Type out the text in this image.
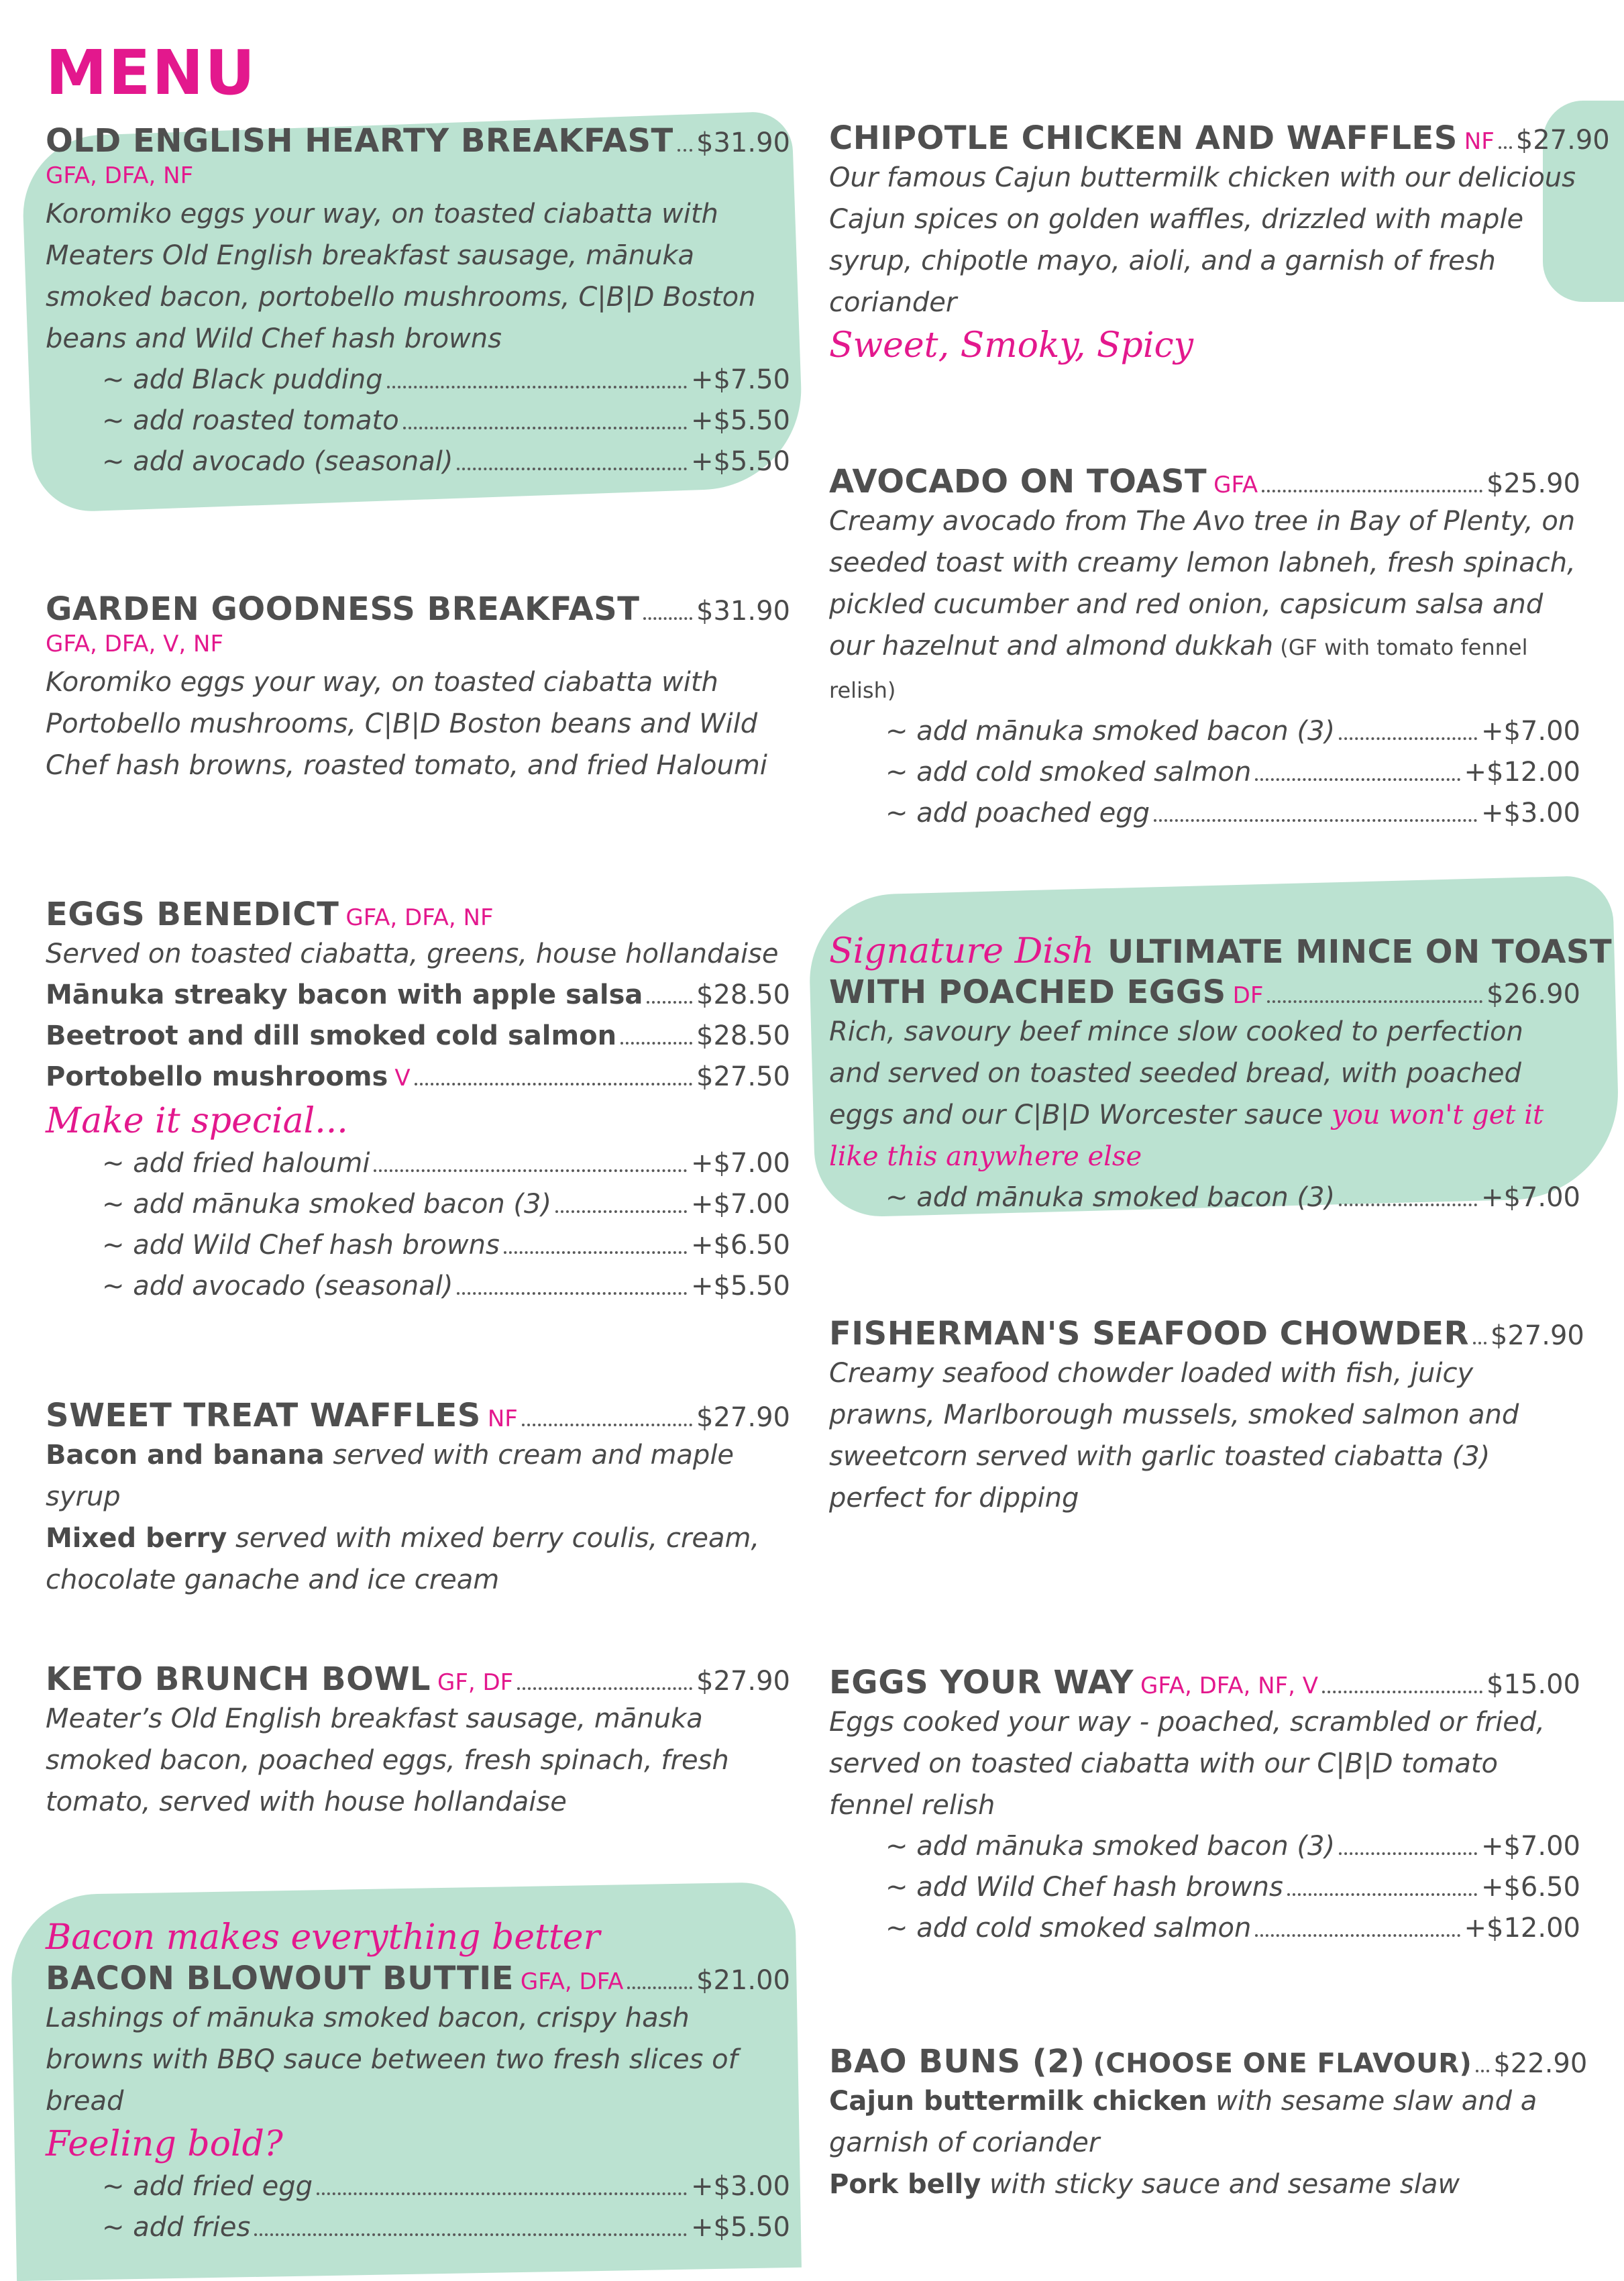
MENU
OLD ENGLISH HEARTY BREAKFAST $31.90
GFA, DFA, NF
Koromiko eggs your way, on toasted ciabatta with Meaters Old English breakfast sausage, mānuka smoked bacon, portobello mushrooms, C|B|D Boston beans and Wild Chef hash browns
~ add Black pudding	+$7.50
~ add roasted tomato	+$5.50
~ add avocado (seasonal)	+$5.50
GARDEN GOODNESS BREAKFAST $31.90
GFA, DFA, V, NF
Koromiko eggs your way, on toasted ciabatta with Portobello mushrooms, C|B|D Boston beans and Wild Chef hash browns, roasted tomato, and fried Haloumi
EGGS BENEDICT GFA, DFA, NF
Served on toasted ciabatta, greens, house hollandaise
Mānuka streaky bacon with apple salsa $28.50
Beetroot and dill smoked cold salmon	$28.50
Portobello mushrooms V	$27.50
Make it special...
~ add fried haloumi	+$7.00
~ add mānuka smoked bacon (3)	+$7.00
~ add Wild Chef hash browns	+$6.50
~ add avocado (seasonal)	+$5.50
SWEET TREAT WAFFLES NF	$27.90
Bacon and banana served with cream and maple syrup
Mixed berry served with mixed berry coulis, cream, chocolate ganache and ice cream
KETO BRUNCH BOWL GF, DF	$27.90
Meater’s Old English breakfast sausage, mānuka smoked bacon, poached eggs, fresh spinach, fresh tomato, served with house hollandaise
Bacon makes everything better
BACON BLOWOUT BUTTIE GFA, DFA	$21.00
Lashings of mānuka smoked bacon, crispy hash browns with BBQ sauce between two fresh slices of bread
Feeling bold?
~ add fried egg	+$3.00
~ add fries	+$5.50
CHIPOTLE CHICKEN AND WAFFLES NF $27.90
Our famous Cajun buttermilk chicken with our delicious Cajun spices on golden waffles, drizzled with maple syrup, chipotle mayo, aioli, and a garnish of fresh coriander
Sweet, Smoky, Spicy
AVOCADO ON TOAST GFA	$25.90
Creamy avocado from The Avo tree in Bay of Plenty, on seeded toast with creamy lemon labneh, fresh spinach, pickled cucumber and red onion, capsicum salsa and our hazelnut and almond dukkah (GF with tomato fennel relish)
~ add mānuka smoked bacon (3)	+$7.00
~ add cold smoked salmon	+$12.00
~ add poached egg	+$3.00
Signature Dish ULTIMATE MINCE ON TOAST
WITH POACHED EGGS DF	$26.90
Rich, savoury beef mince slow cooked to perfection and served on toasted seeded bread, with poached eggs and our C|B|D Worcester sauce you won't get it like this anywhere else
~ add mānuka smoked bacon (3)	+$7.00
FISHERMAN'S SEAFOOD CHOWDER $27.90
Creamy seafood chowder loaded with fish, juicy prawns, Marlborough mussels, smoked salmon and sweetcorn served with garlic toasted ciabatta (3) perfect for dipping
EGGS YOUR WAY GFA, DFA, NF, V	$15.00
Eggs cooked your way - poached, scrambled or fried, served on toasted ciabatta with our C|B|D tomato fennel relish
~ add mānuka smoked bacon (3)	+$7.00
~ add Wild Chef hash browns	+$6.50
~ add cold smoked salmon	+$12.00
BAO BUNS (2) (CHOOSE ONE FLAVOUR) $22.90
Cajun buttermilk chicken with sesame slaw and a garnish of coriander
Pork belly with sticky sauce and sesame slaw
